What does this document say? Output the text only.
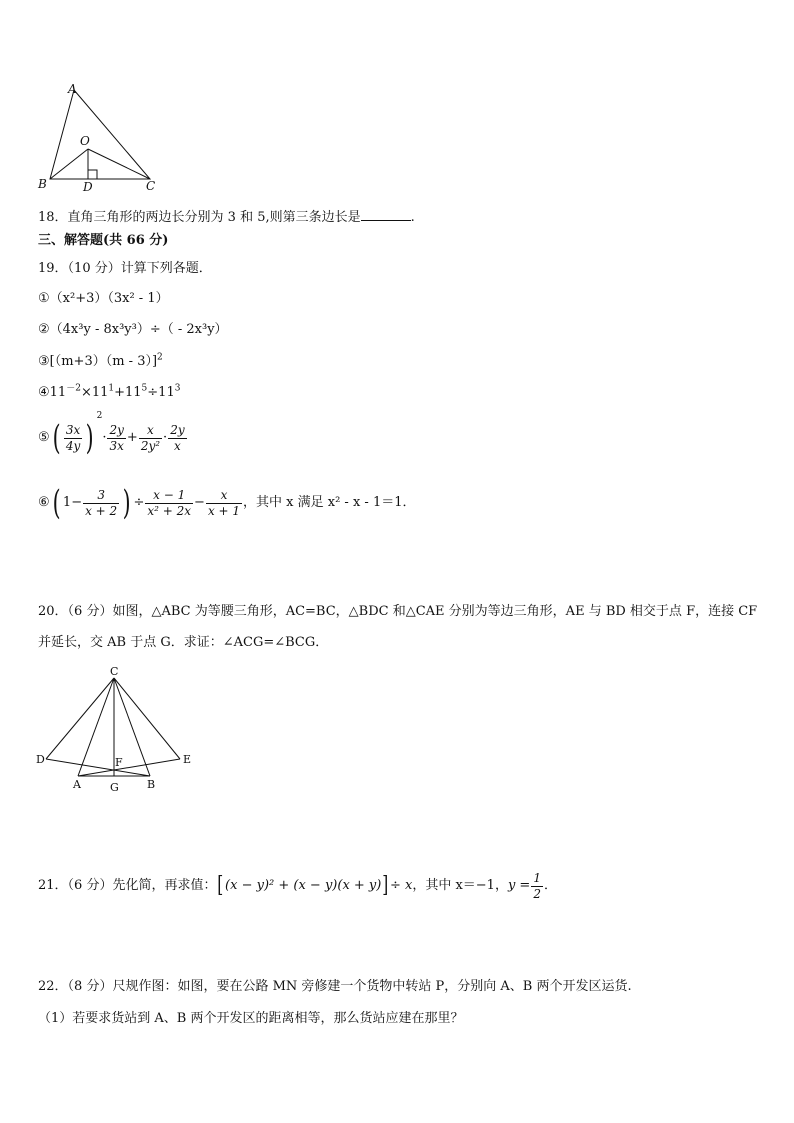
A
O
B	D	C
18．直角三角形的两边长分别为 3 和 5,则第三条边长是	.
三、解答题(共 66 分)
19．（10 分）计算下列各题．
①（x²+3）（3x² - 1）
②（4x³y - 8x³y³）÷（ - 2x³y）
③[（m+3）（m - 3）]$^2$
$④11^{-2}\times 11^1+11^5\div 11^3$
⑤( $\frac{3x}{4y} )^2\cdot \frac{2y}{3x} + \frac{x}{\text{2y²}} \cdot \frac{2y}{x}$
⑥( $1- \frac{3}{x + 2}$ ) ÷ $\frac{x - 1}{\text{x² + 2x}} - \frac{x}{x + 1}$ ，其中 x 满足 x² - x - 1＝1．
20．（6 分）如图，△ABC 为等腰三角形，AC=BC，△BDC 和△CAE 分别为等边三角形，AE 与 BD 相交于点 F，连接 CF
并延长，交 AB 于点 G．求证：∠ACG=∠BCG．
C
D	E
F
A	G	B
21．（6 分）先化简，再求值：[(x − y)² + (x − y)(x + y)]÷ x，其中 x＝−1，$y = \frac{1}{2}$ ．
22．（8 分）尺规作图：如图，要在公路 MN 旁修建一个货物中转站 P，分别向 A、B 两个开发区运货.
（1）若要求货站到 A、B 两个开发区的距离相等，那么货站应建在那里？
